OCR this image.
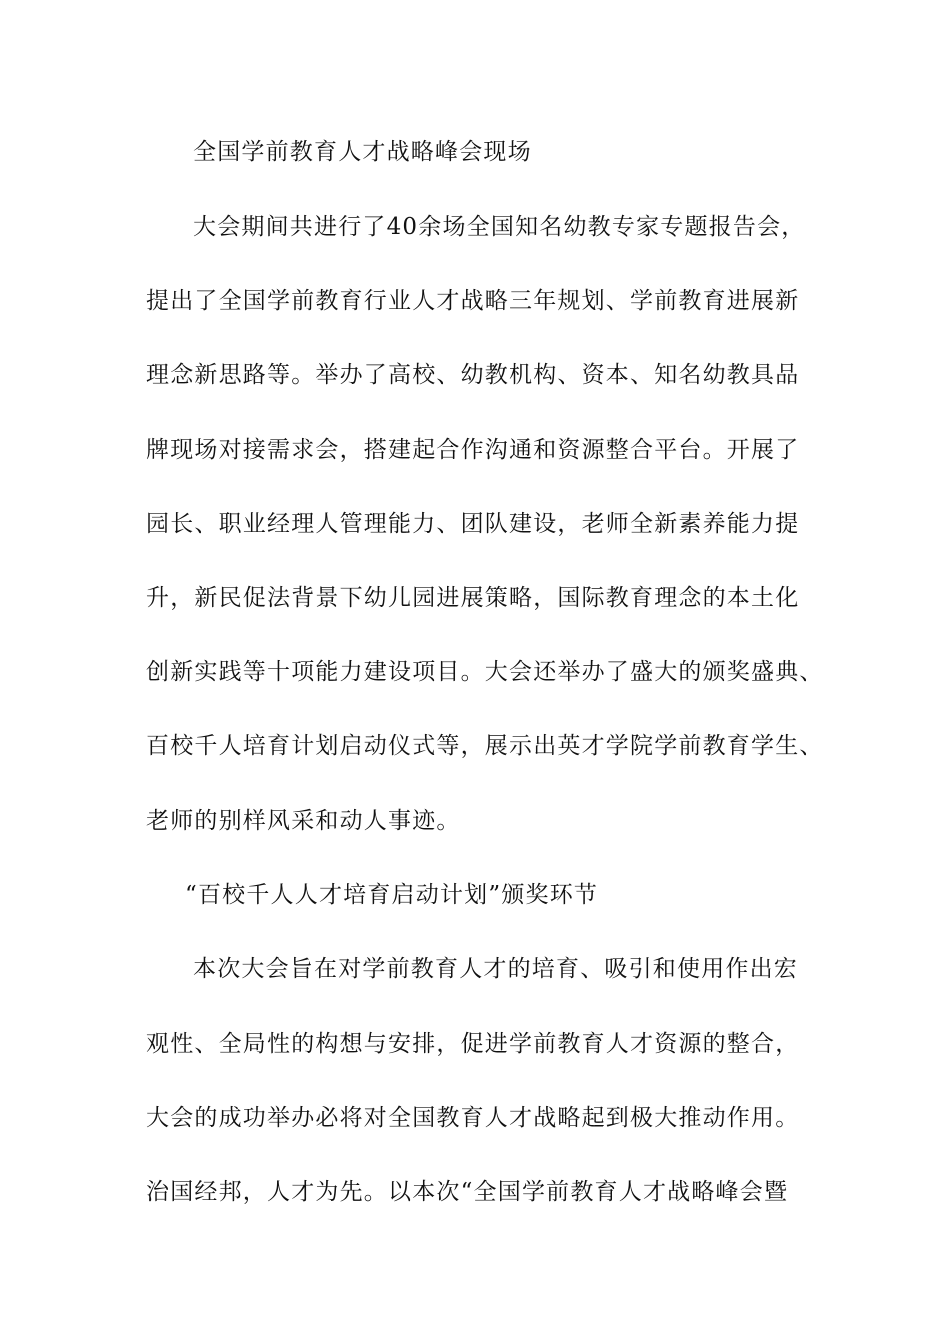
全国学前教育人才战略峰会现场
大会期间共进行了40余场全国知名幼教专家专题报告会，
提出了全国学前教育行业人才战略三年规划、学前教育进展新
理念新思路等。举办了高校、幼教机构、资本、知名幼教具品
牌现场对接需求会，搭建起合作沟通和资源整合平台。开展了
园长、职业经理人管理能力、团队建设，老师全新素养能力提
升，新民促法背景下幼儿园进展策略，国际教育理念的本土化
创新实践等十项能力建设项目。大会还举办了盛大的颁奖盛典、
百校千人培育计划启动仪式等，展示出英才学院学前教育学生、
老师的别样风采和动人事迹。
“百校千人人才培育启动计划”颁奖环节
本次大会旨在对学前教育人才的培育、吸引和使用作出宏
观性、全局性的构想与安排，促进学前教育人才资源的整合，
大会的成功举办必将对全国教育人才战略起到极大推动作用。
治国经邦，人才为先。以本次“全国学前教育人才战略峰会暨
